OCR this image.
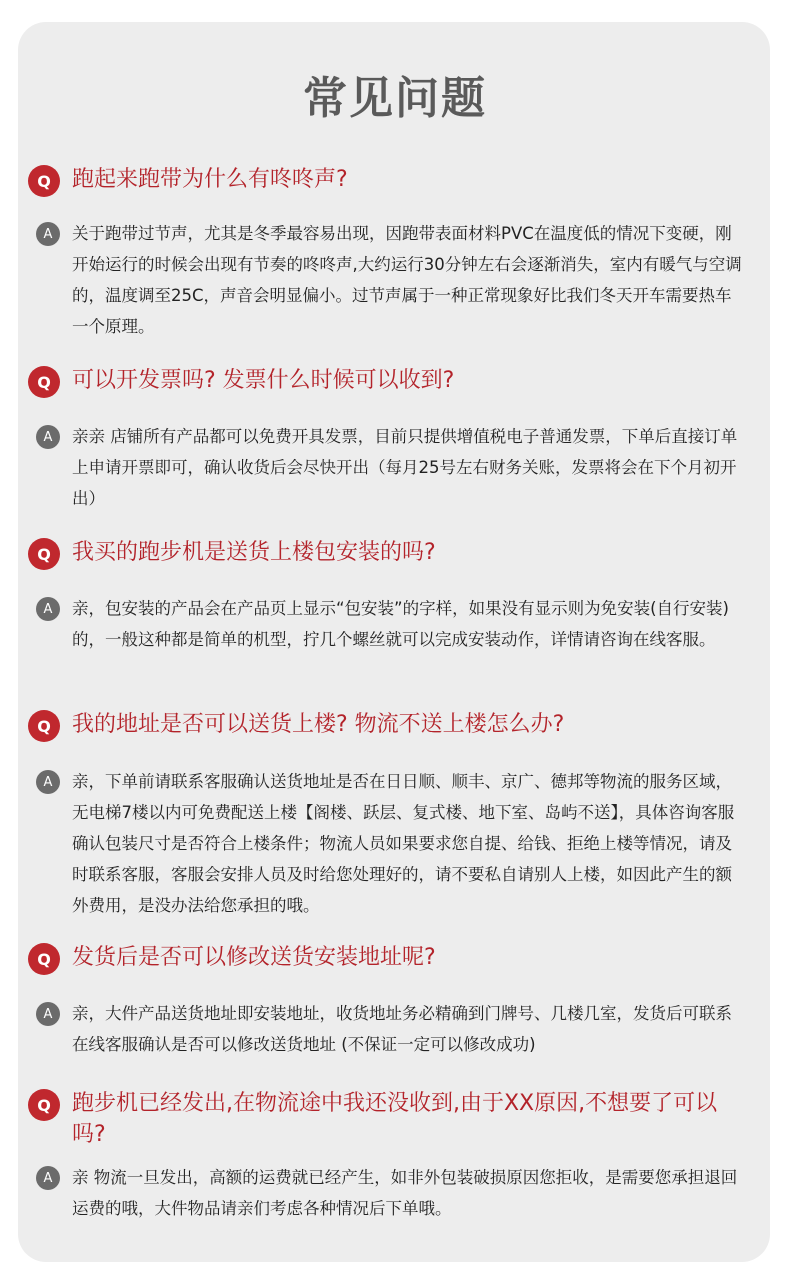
常见问题
Q 跑起来跑带为什么有咚咚声?
A	关于跑带过节声，尤其是冬季最容易出现，因跑带表面材料PVC在温度低的情况下变硬，刚开始运行的时候会出现有节奏的咚咚声,大约运行30分钟左右会逐渐消失，室内有暖气与空调的，温度调至25C，声音会明显偏小。过节声属于一种正常现象好比我们冬天开车需要热车一个原理。
Q 可以开发票吗? 发票什么时候可以收到?
A	亲亲 店铺所有产品都可以免费开具发票，目前只提供增值税电子普通发票，下单后直接订单上申请开票即可，确认收货后会尽快开出（每月25号左右财务关账，发票将会在下个月初开出）
Q 我买的跑步机是送货上楼包安装的吗?
A	亲，包安装的产品会在产品页上显示“包安装”的字样，如果没有显示则为免安装(自行安装)的，一般这种都是简单的机型，拧几个螺丝就可以完成安装动作，详情请咨询在线客服。
Q 我的地址是否可以送货上楼? 物流不送上楼怎么办?
A	亲，下单前请联系客服确认送货地址是否在日日顺、顺丰、京广、德邦等物流的服务区域，无电梯7楼以内可免费配送上楼【阁楼、跃层、复式楼、地下室、岛屿不送】，具体咨询客服确认包装尺寸是否符合上楼条件；物流人员如果要求您自提、给钱、拒绝上楼等情况，请及时联系客服，客服会安排人员及时给您处理好的，请不要私自请别人上楼，如因此产生的额外费用，是没办法给您承担的哦。
Q 发货后是否可以修改送货安装地址呢?
A	亲，大件产品送货地址即安装地址，收货地址务必精确到门牌号、几楼几室，发货后可联系在线客服确认是否可以修改送货地址 (不保证一定可以修改成功)
Q 跑步机已经发出,在物流途中我还没收到,由于XX原因,不想要了可以吗?
A	亲 物流一旦发出，高额的运费就已经产生，如非外包装破损原因您拒收，是需要您承担退回运费的哦，大件物品请亲们考虑各种情况后下单哦。
